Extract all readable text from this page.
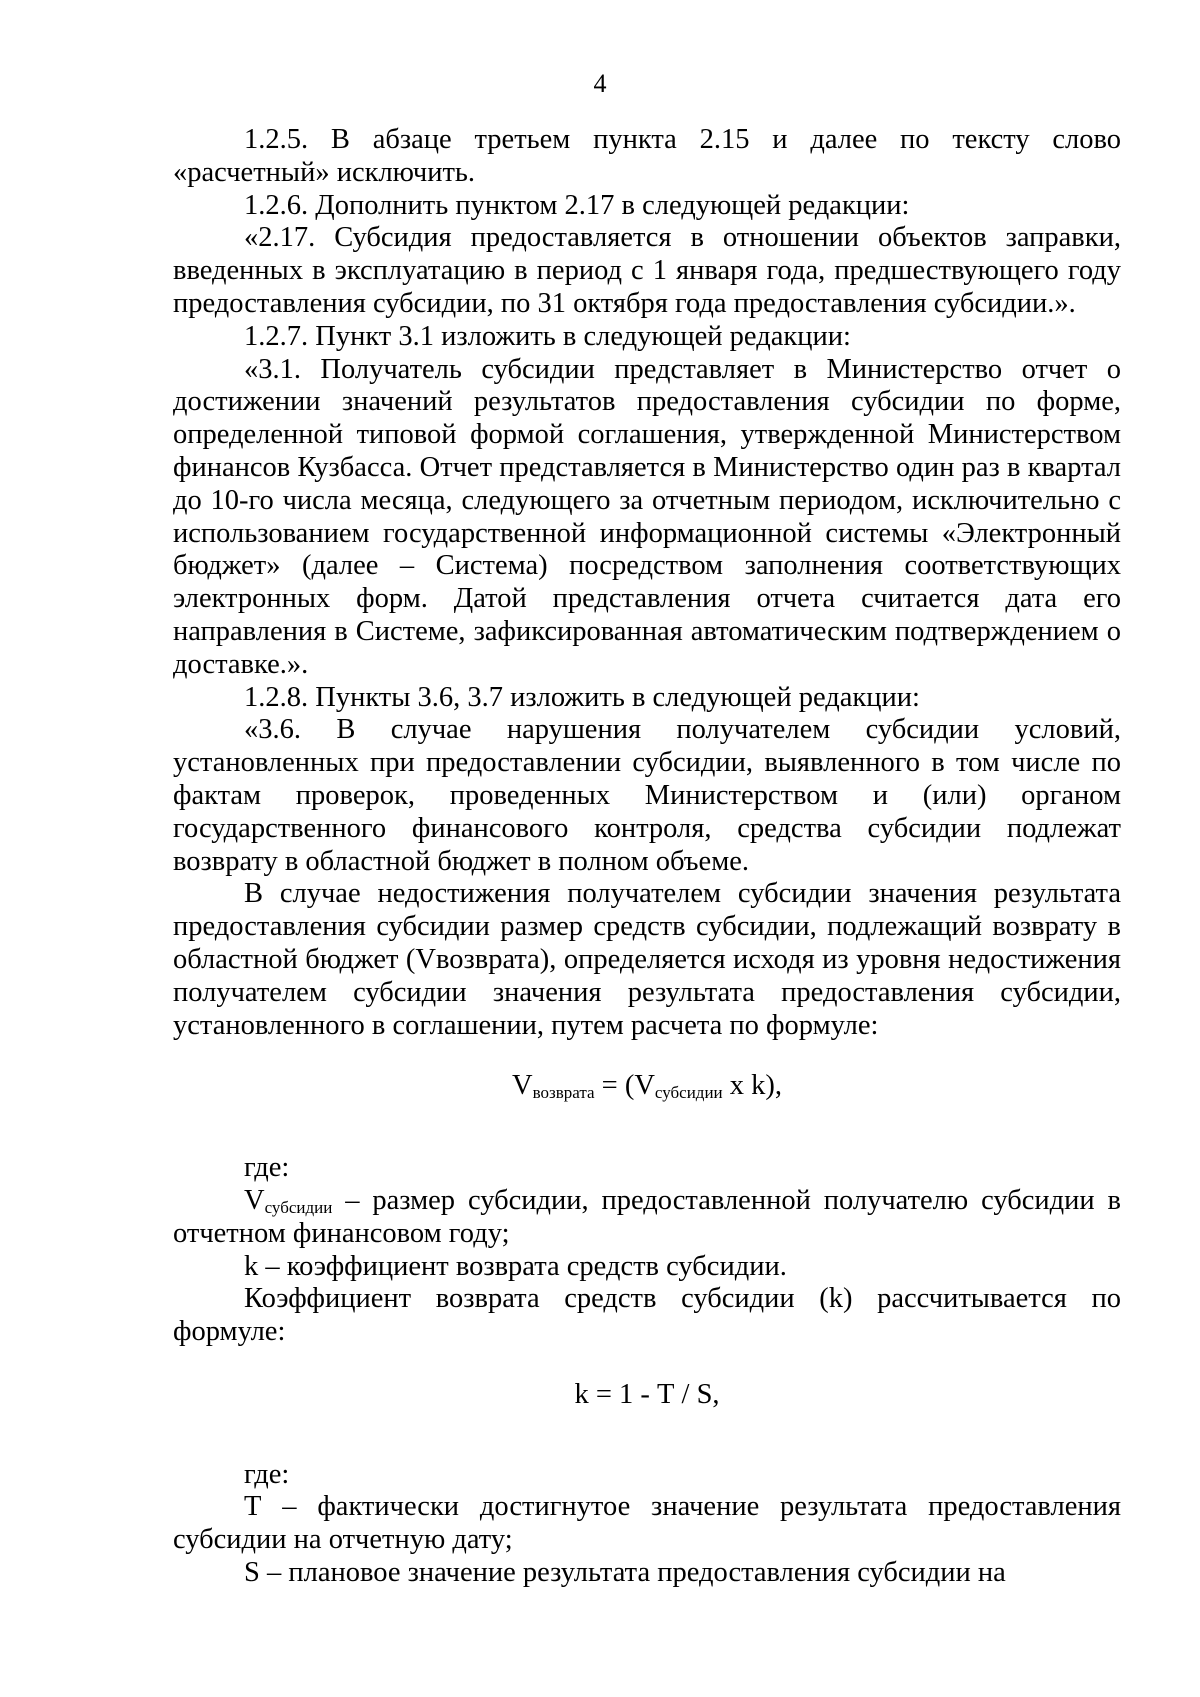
4

1.2.5. В абзаце третьем пункта 2.15 и далее по тексту слово «расчетный» исключить.

1.2.6. Дополнить пунктом 2.17 в следующей редакции:

«2.17. Субсидия предоставляется в отношении объектов заправки, введенных в эксплуатацию в период с 1 января года, предшествующего году предоставления субсидии, по 31 октября года предоставления субсидии.».

1.2.7. Пункт 3.1 изложить в следующей редакции:

«3.1. Получатель субсидии представляет в Министерство отчет о достижении значений результатов предоставления субсидии по форме, определенной типовой формой соглашения, утвержденной Министерством финансов Кузбасса. Отчет представляется в Министерство один раз в квартал до 10-го числа месяца, следующего за отчетным периодом, исключительно с использованием государственной информационной системы «Электронный бюджет» (далее – Система) посредством заполнения соответствующих электронных форм. Датой представления отчета считается дата его направления в Системе, зафиксированная автоматическим подтверждением о доставке.».

1.2.8. Пункты 3.6, 3.7 изложить в следующей редакции:

«3.6. В случае нарушения получателем субсидии условий, установленных при предоставлении субсидии, выявленного в том числе по фактам проверок, проведенных Министерством и (или) органом государственного финансового контроля, средства субсидии подлежат возврату в областной бюджет в полном объеме.

В случае недостижения получателем субсидии значения результата предоставления субсидии размер средств субсидии, подлежащий возврату в областной бюджет (Vвозврата), определяется исходя из уровня недостижения получателем субсидии значения результата предоставления субсидии, установленного в соглашении, путем расчета по формуле:

$V_{возврата} = (V_{субсидии}$ x k),

где:

$V_{субсидии}$ – размер субсидии, предоставленной получателю субсидии в отчетном финансовом году;

k – коэффициент возврата средств субсидии.

Коэффициент возврата средств субсидии (k) рассчитывается по формуле:

k = 1 - Т / S,

где:

Т – фактически достигнутое значение результата предоставления субсидии на отчетную дату;

S – плановое значение результата предоставления субсидии на
